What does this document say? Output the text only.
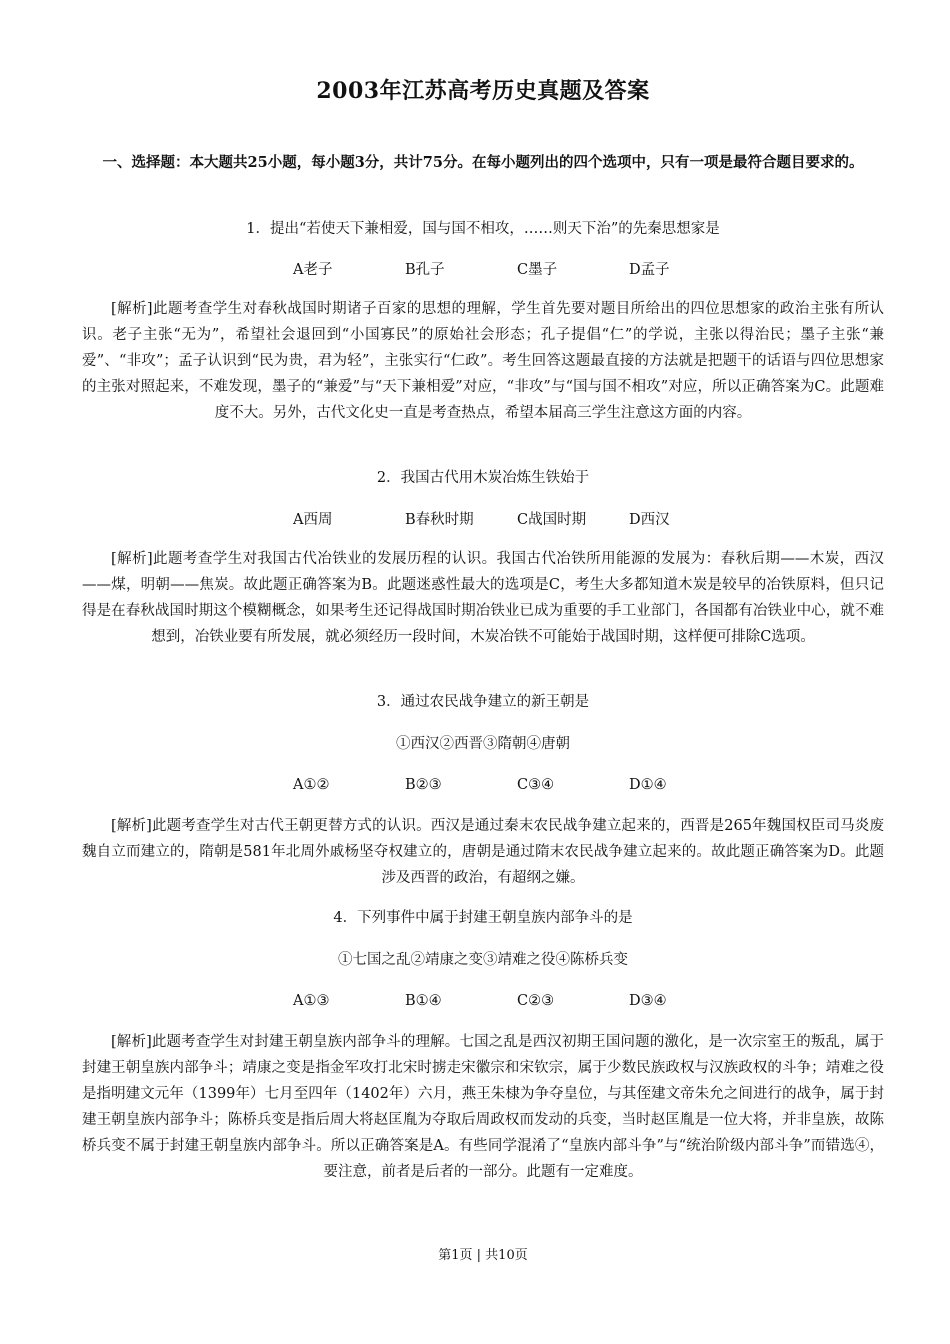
2003年江苏高考历史真题及答案
一、选择题：本大题共25小题，每小题3分，共计75分。在每小题列出的四个选项中，只有一项是最符合题目要求的。
1．提出“若使天下兼相爱，国与国不相攻，……则天下治”的先秦思想家是
A老子	B孔子	C墨子	D孟子
[解析]此题考查学生对春秋战国时期诸子百家的思想的理解，学生首先要对题目所给出的四位思想家的政治主张有所认识。老子主张“无为”，希望社会退回到“小国寡民”的原始社会形态；孔子提倡“仁”的学说，主张以得治民；墨子主张“兼爱”、“非攻”；孟子认识到“民为贵，君为轻”，主张实行“仁政”。考生回答这题最直接的方法就是把题干的话语与四位思想家的主张对照起来，不难发现，墨子的“兼爱”与“天下兼相爱”对应，“非攻”与“国与国不相攻”对应，所以正确答案为C。此题难度不大。另外，古代文化史一直是考查热点，希望本届高三学生注意这方面的内容。
2．我国古代用木炭冶炼生铁始于
A西周	B春秋时期	C战国时期	D西汉
[解析]此题考查学生对我国古代冶铁业的发展历程的认识。我国古代冶铁所用能源的发展为：春秋后期——木炭，西汉——煤，明朝——焦炭。故此题正确答案为B。此题迷惑性最大的选项是C，考生大多都知道木炭是较早的冶铁原料，但只记得是在春秋战国时期这个模糊概念，如果考生还记得战国时期冶铁业已成为重要的手工业部门，各国都有冶铁业中心，就不难想到，冶铁业要有所发展，就必须经历一段时间，木炭冶铁不可能始于战国时期，这样便可排除C选项。
3．通过农民战争建立的新王朝是
①西汉②西晋③隋朝④唐朝
A①②	B②③	C③④	D①④
[解析]此题考查学生对古代王朝更替方式的认识。西汉是通过秦末农民战争建立起来的，西晋是265年魏国权臣司马炎废魏自立而建立的，隋朝是581年北周外戚杨坚夺权建立的，唐朝是通过隋末农民战争建立起来的。故此题正确答案为D。此题涉及西晋的政治，有超纲之嫌。
4．下列事件中属于封建王朝皇族内部争斗的是
①七国之乱②靖康之变③靖难之役④陈桥兵变
A①③	B①④	C②③	D③④
[解析]此题考查学生对封建王朝皇族内部争斗的理解。七国之乱是西汉初期王国问题的激化，是一次宗室王的叛乱，属于封建王朝皇族内部争斗；靖康之变是指金军攻打北宋时掳走宋徽宗和宋钦宗，属于少数民族政权与汉族政权的斗争；靖难之役是指明建文元年（1399年）七月至四年（1402年）六月，燕王朱棣为争夺皇位，与其侄建文帝朱允之间进行的战争，属于封建王朝皇族内部争斗；陈桥兵变是指后周大将赵匡胤为夺取后周政权而发动的兵变，当时赵匡胤是一位大将，并非皇族，故陈桥兵变不属于封建王朝皇族内部争斗。所以正确答案是A。有些同学混淆了“皇族内部斗争”与“统治阶级内部斗争”而错选④，要注意，前者是后者的一部分。此题有一定难度。
第1页 | 共10页
